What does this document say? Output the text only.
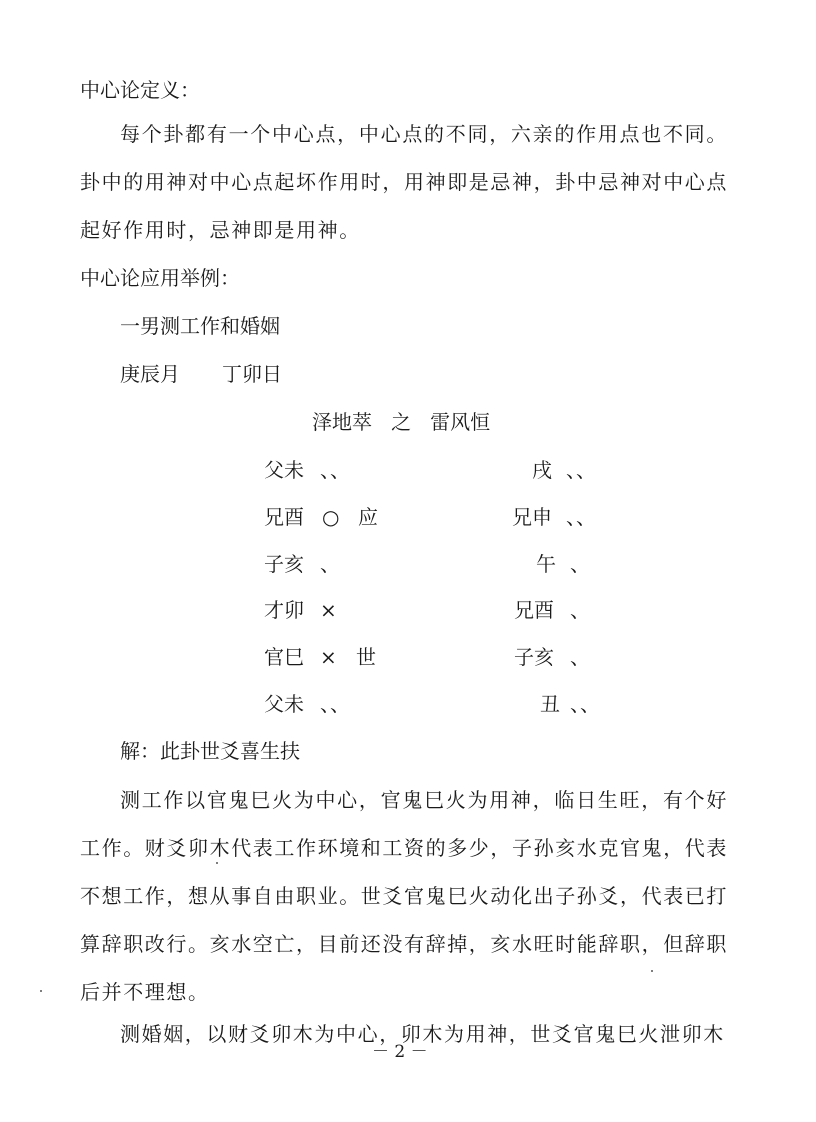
中心论定义：
每个卦都有一个中心点，中心点的不同，六亲的作用点也不同。卦中的用神对中心点起坏作用时，用神即是忌神，卦中忌神对中心点起好作用时，忌神即是用神。
中心论应用举例：
一男测工作和婚姻
庚辰月 丁卯日
泽地萃   之   雷风恒
父未 、、
兄酉 ○ 应
子亥 、
才卯 ×
官巳 × 世
父未 、、
戌 、、
兄申 、、
午 、
兄酉 、
子亥 、
丑 、、
解：此卦世爻喜生扶
测工作以官鬼巳火为中心，官鬼巳火为用神，临日生旺，有个好工作。财爻卯木代表工作环境和工资的多少，子孙亥水克官鬼，代表不想工作，想从事自由职业。世爻官鬼巳火动化出子孙爻，代表已打算辞职改行。亥水空亡，目前还没有辞掉，亥水旺时能辞职，但辞职后并不理想。
测婚姻，以财爻卯木为中心，卯木为用神，世爻官鬼巳火泄卯木
－ 2 －
